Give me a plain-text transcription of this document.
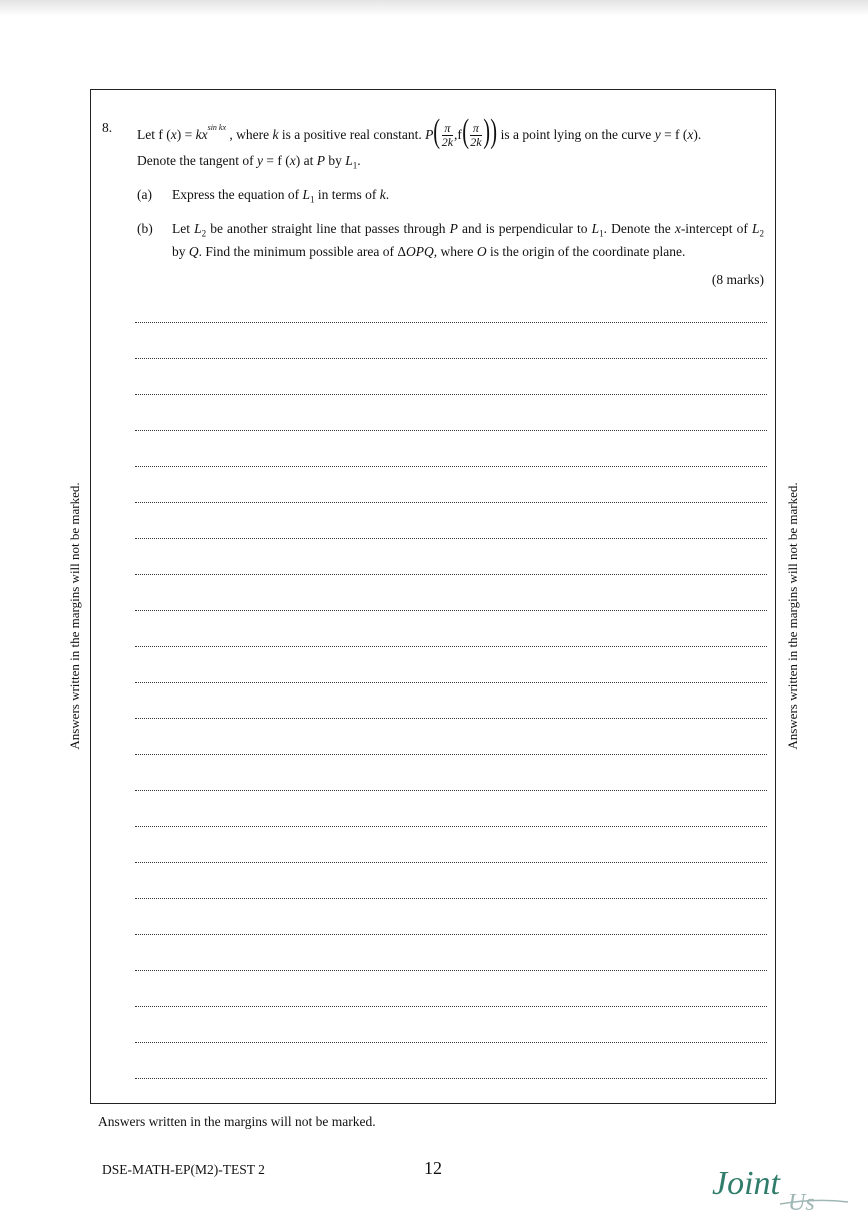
Answers written in the margins will not be marked.	Answers written in the margins will not be marked.
8. Let f $(x) = kx^{sin kx}$ , where k is a positive real constant. $P( \frac{\pi}{2k} ,f( \frac{\pi}{2k}$ )) is a point lying on the curve y = f (x).
Denote the tangent of y = f (x) at P by $L_1$.
(a) Express the equation of $L_1$ in terms of k.
(b) Let $L_2$ be another straight line that passes through P and is perpendicular to $L_1$. Denote the x-intercept of $L_2$ by Q. Find the minimum possible area of ΔOPQ, where O is the origin of the coordinate plane.
(8 marks)
Answers written in the margins will not be marked.
DSE-MATH-EP(M2)-TEST 2	12	Joint
Us
